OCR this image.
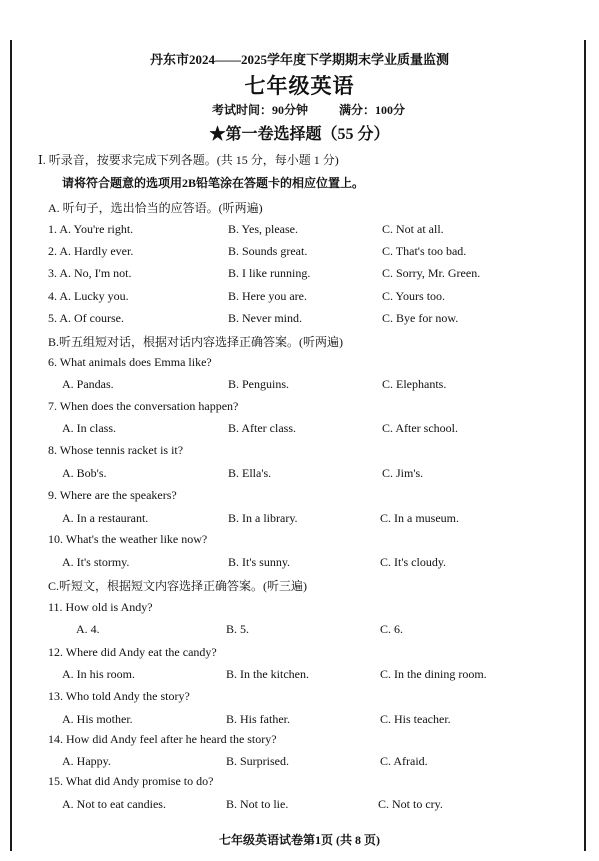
丹东市2024——2025学年度下学期期末学业质量监测
七年级英语
考试时间：90分钟	满分：100分
★第一卷选择题（55 分）
Ⅰ. 听录音，按要求完成下列各题。(共 15 分，每小题 1 分)
请将符合题意的选项用2B铅笔涂在答题卡的相应位置上。
A. 听句子，选出恰当的应答语。(听两遍)
1. A. You're right.	B. Yes, please.	C. Not at all.
2. A. Hardly ever.	B. Sounds great.	C. That's too bad.
3. A. No, I'm not.	B. I like running.	C. Sorry, Mr. Green.
4. A. Lucky you.	B. Here you are.	C. Yours too.
5. A. Of course.	B. Never mind.	C. Bye for now.
B.听五组短对话，根据对话内容选择正确答案。(听两遍)
6. What animals does Emma like?
A. Pandas.	B. Penguins.	C. Elephants.
7. When does the conversation happen?
A. In class.	B. After class.	C. After school.
8. Whose tennis racket is it?
A. Bob's.	B. Ella's.	C. Jim's.
9. Where are the speakers?
A. In a restaurant.	B. In a library.	C. In a museum.
10. What's the weather like now?
A. It's stormy.	B. It's sunny.	C. It's cloudy.
C.听短文，根据短文内容选择正确答案。(听三遍)
11. How old is Andy?
A. 4.	B. 5.	C. 6.
12. Where did Andy eat the candy?
A. In his room.	B. In the kitchen.	C. In the dining room.
13. Who told Andy the story?
A. His mother.	B. His father.	C. His teacher.
14. How did Andy feel after he heard the story?
A. Happy.	B. Surprised.	C. Afraid.
15. What did Andy promise to do?
A. Not to eat candies.	B. Not to lie.	C. Not to cry.
七年级英语试卷第1页 (共 8 页)
